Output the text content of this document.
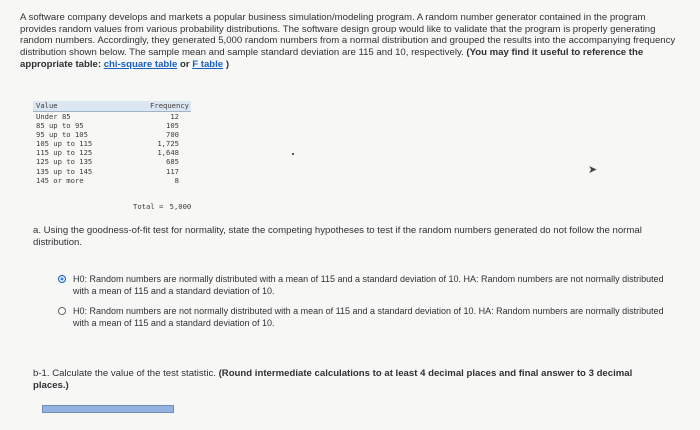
A software company develops and markets a popular business simulation/modeling program. A random number generator contained in the program provides random values from various probability distributions. The software design group would like to validate that the program is properly generating random numbers. Accordingly, they generated 5,000 random numbers from a normal distribution and grouped the results into the accompanying frequency distribution shown below. The sample mean and sample standard deviation are 115 and 10, respectively. (You may find it useful to reference the appropriate table: chi-square table or F table )
Value	Frequency
Under 85	12
85 up to 95	105
95 up to 105	700
105 up to 115	1,725
115 up to 125	1,648
125 up to 135	685
135 up to 145	117
145 or more	8
Total = 5,000
➤
a. Using the goodness-of-fit test for normality, state the competing hypotheses to test if the random numbers generated do not follow the normal distribution.
H0: Random numbers are normally distributed with a mean of 115 and a standard deviation of 10. HA: Random numbers are not normally distributed with a mean of 115 and a standard deviation of 10.
H0: Random numbers are not normally distributed with a mean of 115 and a standard deviation of 10. HA: Random numbers are normally distributed with a mean of 115 and a standard deviation of 10.
b-1. Calculate the value of the test statistic. (Round intermediate calculations to at least 4 decimal places and final answer to 3 decimal places.)
